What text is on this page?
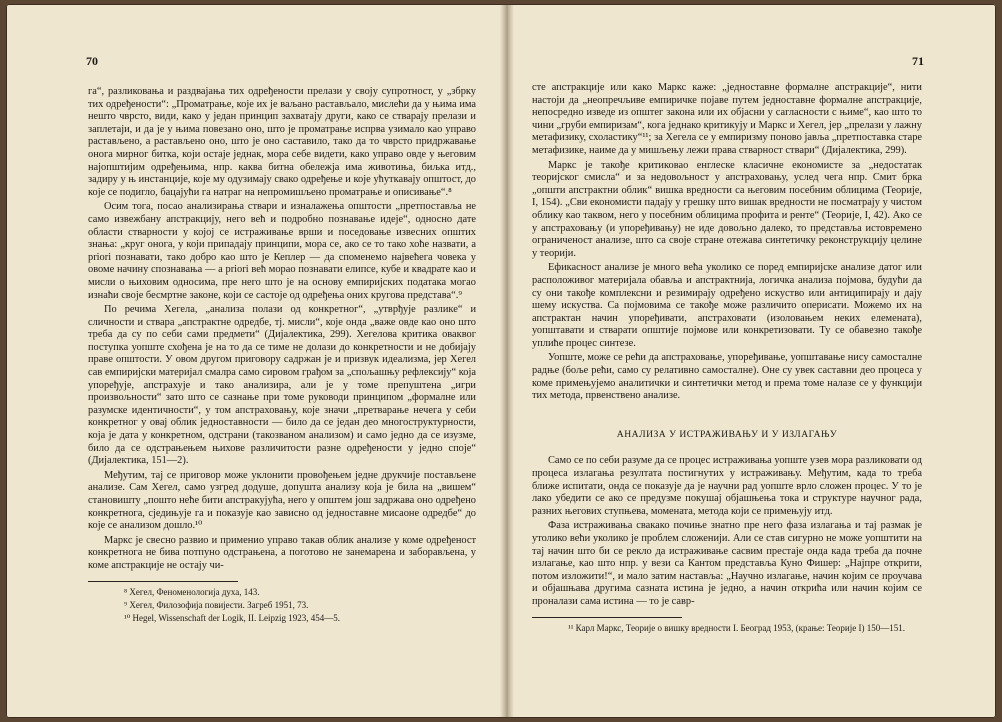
70

га“, разликовања и раздвајања тих одређености прелази у своју супротност, у „збрку тих одређености“: „Проматрање, које их је ваљано растављало, мислећи да у њима има нешто чврсто, види, како у један принцип захватају други, како се стварају прелази и заплетаји, и да је у њима повезано оно, што је проматрање испрва узимало као управо растављено, а растављено оно, што је оно саставило, тако да то чврсто придржавање онога мирног битка, који остаје једнак, мора себе видети, како управо овде у његовим најопштијим одређењима, нпр. каква битна обележја има животиња, биљка итд., задиру у њ инстанције, које му одузимају свако одређење и које ућуткавају општост, до које се подигло, бацајући га натраг на непромишљено проматрање и описивање“.⁸

Осим тога, посао анализирања ствари и изналажења општости „претпоставља не само извежбану апстракцију, него већ и подробно познавање идеје“, односно дате области стварности у којој се истраживање врши и поседовање извесних општих знања: „круг онога, у који припадају принципи, мора се, ако се то тако хоће назвати, а priori познавати, тако добро као што је Кеплер — да споменемо највећега човека у овоме начину спознавања — a priori већ морао познавати елипсе, кубе и квадрате као и мисли о њиховим односима, пре него што је на основу емпиријских података могао изнаћи своје бесмртне законе, који се састоје од одређења оних кругова представа“.⁹

По речима Хегела, „анализа полази од конкретног“, „утврђује разлике“ и сличности и ствара „апстрактне одредбе, тј. мисли“, које онда „важе овде као оно што треба да су по себи сами предмети“ (Дијалектика, 299). Хегелова критика оваквог поступка уопште схођена је на то да се тиме не долази до конкретности и не добијају праве општости. У овом другом приговору садржан је и призвук идеализма, јер Хегел сав емпиријски материјал смалра само сировом грађом за „спољашњу рефлексију“ која упоређује, апстрахује и тако анализира, али је у томе препуштена „игри произвољности“ зато што се сазнање при томе руководи принципом „формалне или разумске идентичности“, у том апстраховању, које значи „претварање нечега у себи конкретног у овај облик једноставности — било да се један део многоструктурности, која је дата у конкретном, одстрани (такозваном анализом) и само једно да се изузме, било да се одстрањењем њихове различитости разне одређености у једно споје“ (Дијалектика, 151—2).

Међутим, тај се приговор може уклонити провођењем једне друкчије постављене анализе. Сам Хегел, само узгред додуше, допушта анализу која је била на „вишем“ становишту „пошто неће бити апстракујућа, него у општем још задржава оно одређено конкретнога, сједињује га и показује као зависно од једноставне мисаоне одредбе“ до које се анализом дошло.¹⁰

Маркс је свесно развио и применио управо такав облик анализе у коме одређеност конкретнога не бива потпуно одстрањена, а поготово не занемарена и заборављена, у коме апстракције не остају чи-

⁸ Хегел, Феноменологија духа, 143.

⁹ Хегел, Филозофија повијести. Загреб 1951, 73.

¹⁰ Hegel, Wissenschaft der Logik, II. Leipzig 1923, 454—5.

71

сте апстракције или како Маркс каже: „једноставне формалне апстракције“, нити настоји да „неопречљиве емпиричке појаве путем једноставне формалне апстракције, непосредно изведе из општег закона или их објасни у сагласности с њиме“, као што то чини „груби емпиризам“, кога једнако критикују и Маркс и Хегел, јер „прелази у лажну метафизику, схоластику“¹¹; за Хегела се у емпиризму поново јавља „претпоставка старе метафизике, наиме да у мишљењу лежи права стварност ствари“ (Дијалектика, 299).

Маркс је такође критиковао енглеске класичне економисте за „недостатак теоријског смисла“ и за недовољност у апстраховању, услед чега нпр. Смит брка „општи апстрактни облик“ вишка вредности са његовим посебним облицима (Теорије, I, 154). „Сви економисти падају у грешку што вишак вредности не посматрају у чистом облику као таквом, него у посебним облицима профита и ренте“ (Теорије, I, 42). Ако се у апстраховању (и упоређивању) не иде довољно далеко, то представља истовремено ограниченост анализе, што са своје стране отежава синтетичку реконструкцију целине у теорији.

Ефикасност анализе је много већа уколико се поред емпиријске анализе датог или расположивог материјала обавља и апстрактнија, логичка анализа појмова, будући да су они такође комплексни и резимирају одређено искуство или антиципирају и дају шему искуства. Са појмовима се такође може различито оперисати. Можемо их на апстрактан начин упоређивати, апстраховати (изоловањем неких елемената), уопштавати и стварати општије појмове или конкретизовати. Ту се обавезно такође уплиће процес синтезе.

Уопште, може се рећи да апстраховање, упоређивање, уопштавање нису самосталне радње (боље рећи, само су релативно самосталне). Оне су увек саставни део процеса у коме примењујемо аналитички и синтетички метод и према томе налазе се у функцији тих метода, првенствено анализе.

АНАЛИЗА У ИСТРАЖИВАЊУ И У ИЗЛАГАЊУ

Само се по себи разуме да се процес истраживања уопште узев мора разликовати од процеса излагања резултата постигнутих у истраживању. Међутим, када то треба ближе испитати, онда се показује да је научни рад уопште врло сложен процес. У то је лако убедити се ако се предузме покушај објашњења тока и структуре научног рада, разних његових ступњева, момената, метода који се примењују итд.

Фаза истраживања свакако почиње знатно пре него фаза излагања и тај размак је утолико већи уколико је проблем сложенији. Али се став сигурно не може уопштити на тај начин што би се рекло да истраживање сасвим престаје онда када треба да почне излагање, као што нпр. у вези са Кантом представља Куно Фишер: „Најпре открити, потом изложити!“, и мало затим наставља: „Научно излагање, начин којим се проучава и објашњава другима сазната истина је једно, а начин открића или начин којим се проналази сама истина — то је савр-

¹¹ Карл Маркс, Теорије о вишку вредности I. Београд 1953, (крање: Теорије I) 150—151.
